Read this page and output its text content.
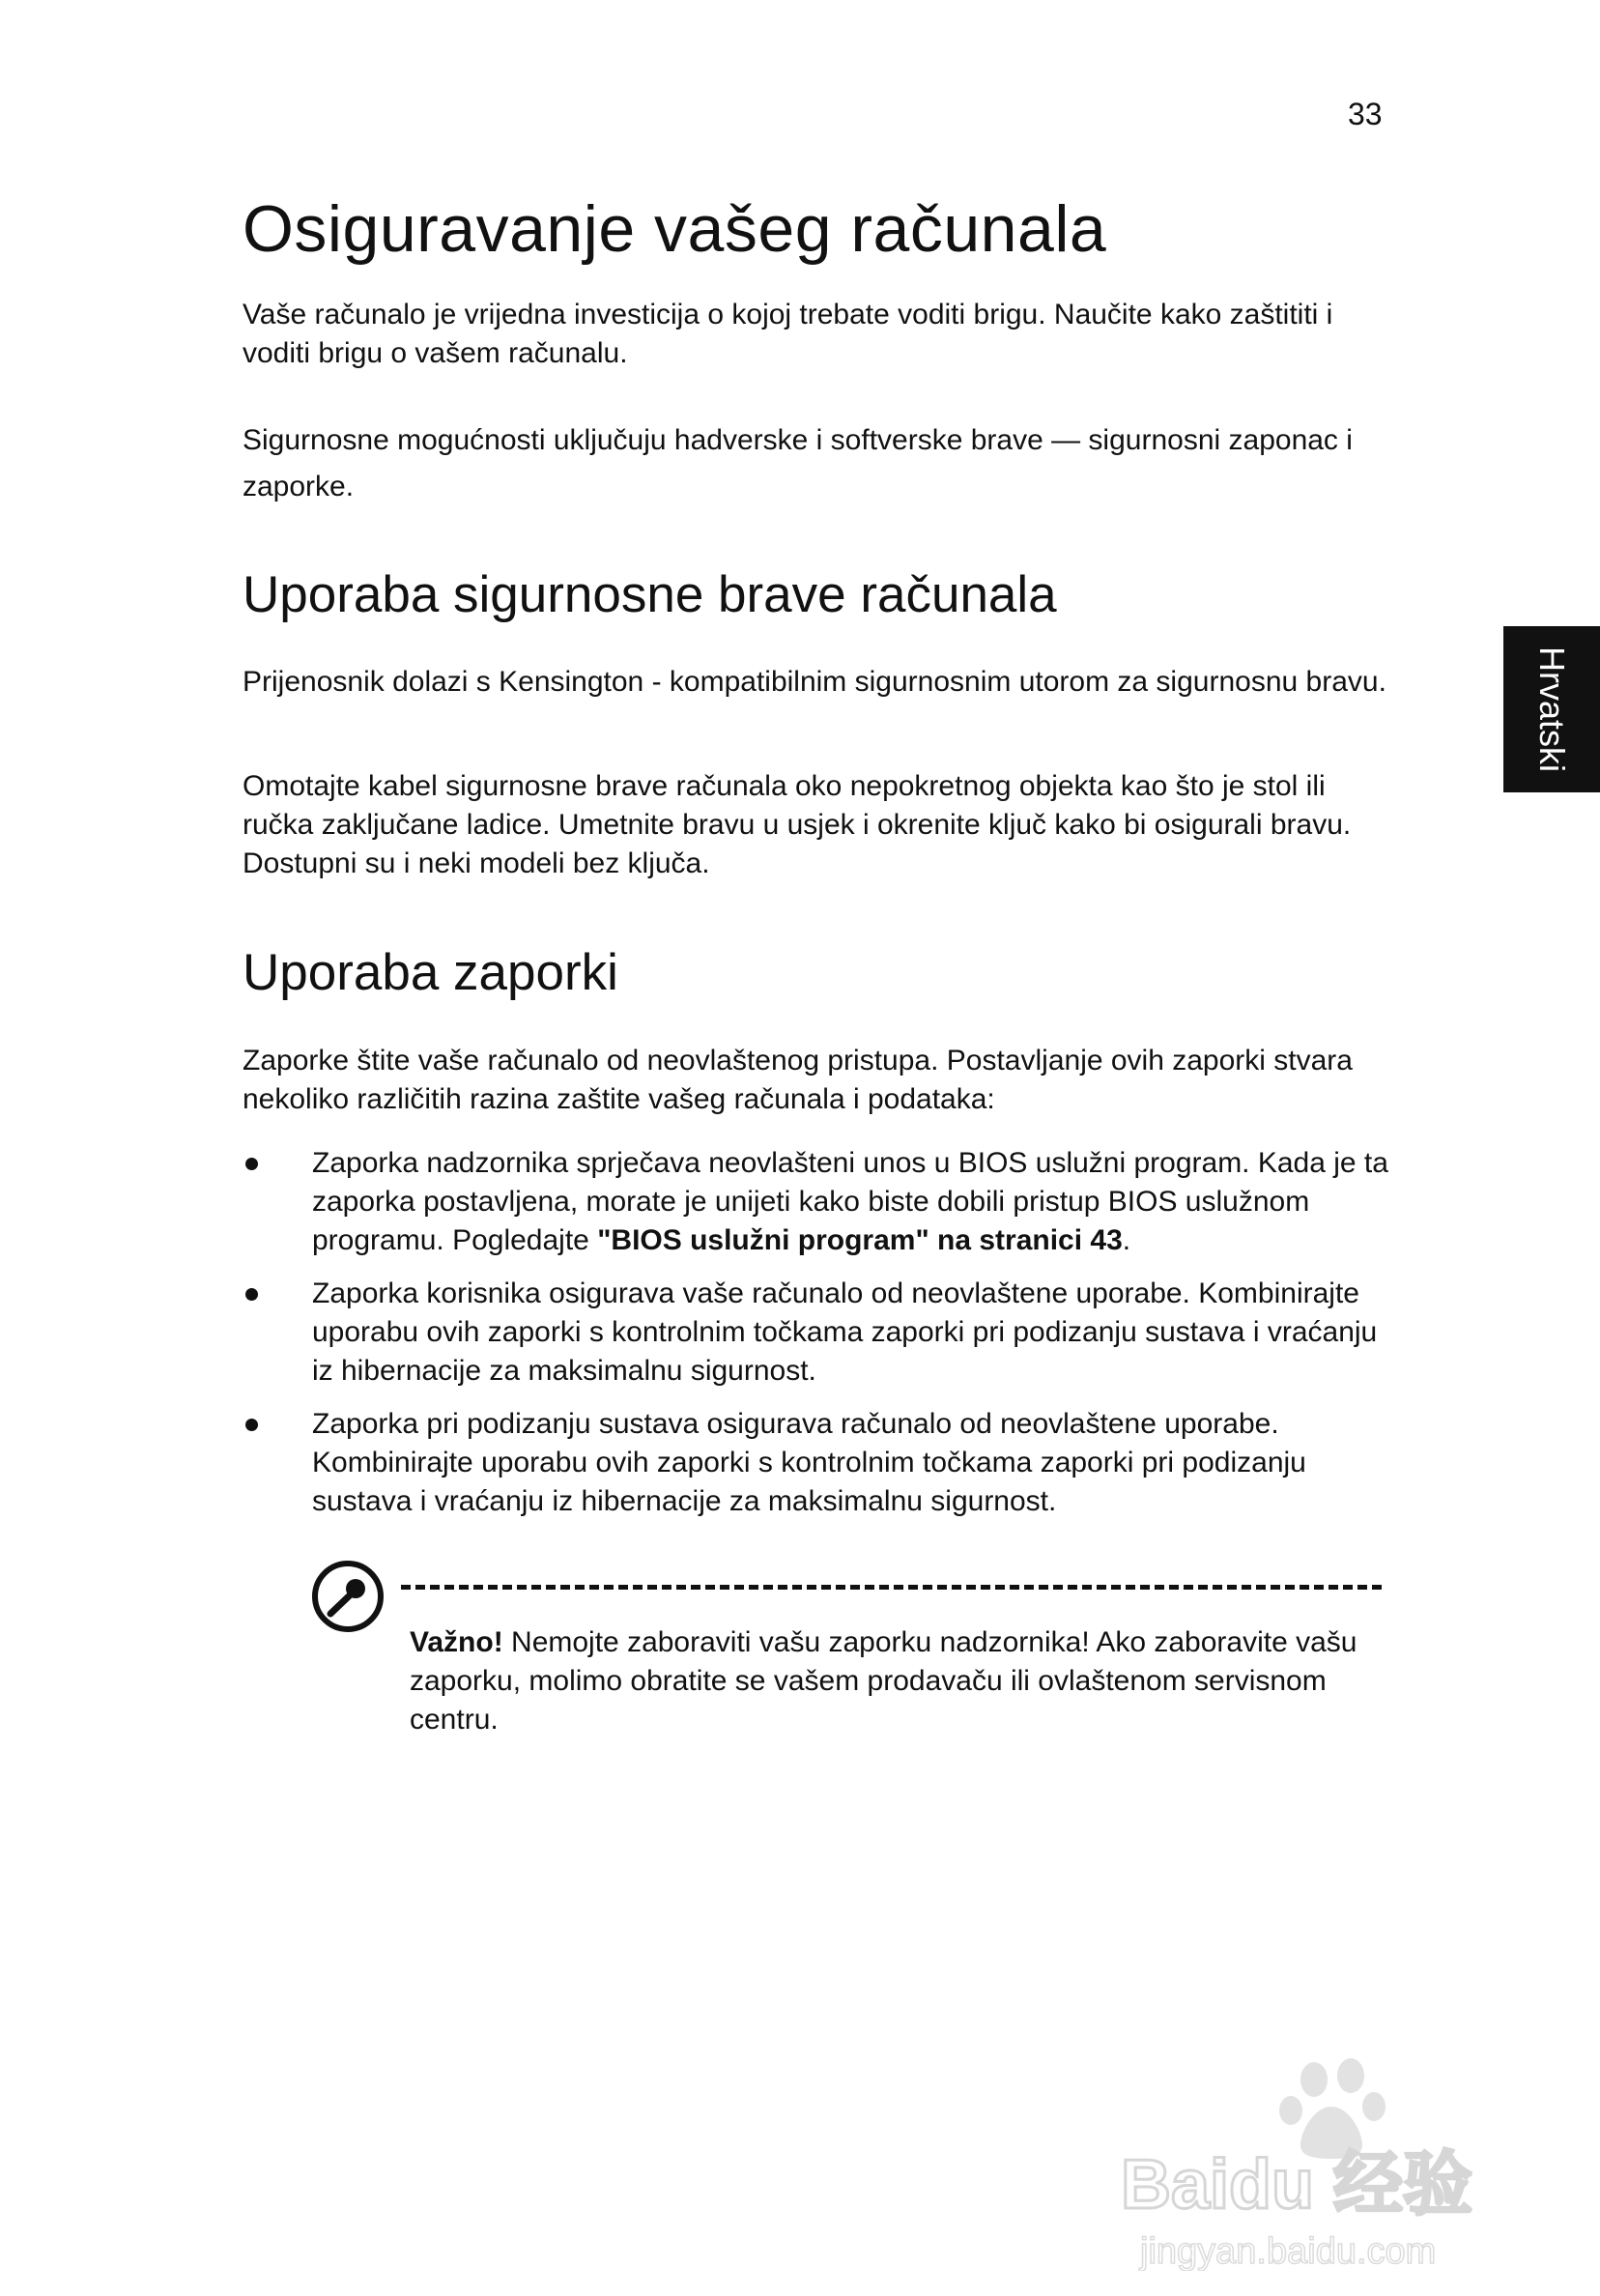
33
Hrvatski
Osiguravanje vašeg računala

Vaše računalo je vrijedna investicija o kojoj trebate voditi brigu. Naučite kako zaštititi i voditi brigu o vašem računalu.

Sigurnosne mogućnosti uključuju hadverske i softverske brave — sigurnosni zaponac i zaporke.

Uporaba sigurnosne brave računala

Prijenosnik dolazi s Kensington - kompatibilnim sigurnosnim utorom za sigurnosnu bravu.

Omotajte kabel sigurnosne brave računala oko nepokretnog objekta kao što je stol ili ručka zaključane ladice. Umetnite bravu u usjek i okrenite ključ kako bi osigurali bravu. Dostupni su i neki modeli bez ključa.

Uporaba zaporki

Zaporke štite vaše računalo od neovlaštenog pristupa. Postavljanje ovih zaporki stvara nekoliko različitih razina zaštite vašeg računala i podataka:

Zaporka nadzornika sprječava neovlašteni unos u BIOS uslužni program. Kada je ta zaporka postavljena, morate je unijeti kako biste dobili pristup BIOS uslužnom programu. Pogledajte "BIOS uslužni program" na stranici 43.
Zaporka korisnika osigurava vaše računalo od neovlaštene uporabe. Kombinirajte uporabu ovih zaporki s kontrolnim točkama zaporki pri podizanju sustava i vraćanju iz hibernacije za maksimalnu sigurnost.
Zaporka pri podizanju sustava osigurava računalo od neovlaštene uporabe. Kombinirajte uporabu ovih zaporki s kontrolnim točkama zaporki pri podizanju sustava i vraćanju iz hibernacije za maksimalnu sigurnost.
Važno! Nemojte zaboraviti vašu zaporku nadzornika! Ako zaboravite vašu zaporku, molimo obratite se vašem prodavaču ili ovlaštenom servisnom centru.
Baidu 经验
jingyan.baidu.com
